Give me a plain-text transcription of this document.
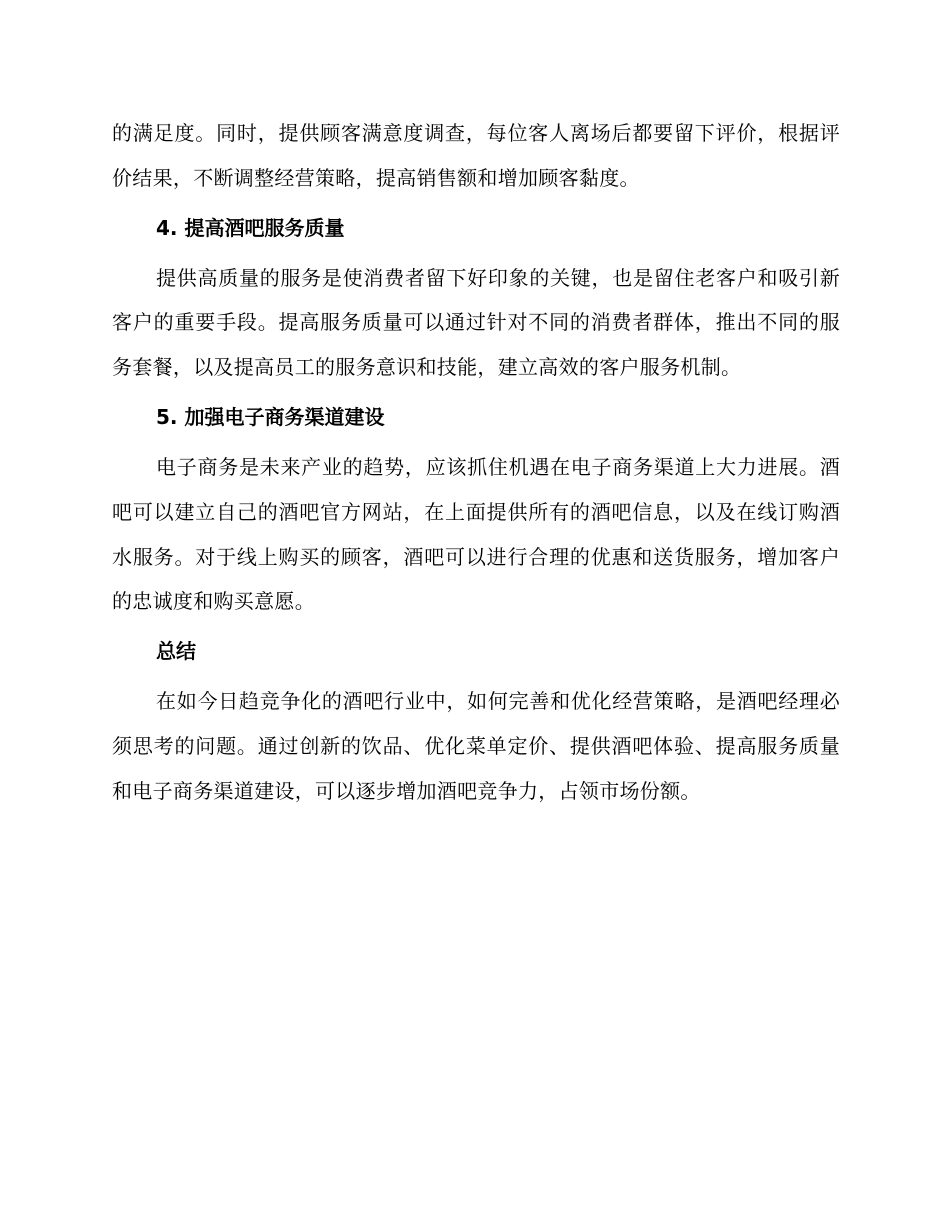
的满足度。同时，提供顾客满意度调查，每位客人离场后都要留下评价，根据评价结果，不断调整经营策略，提高销售额和增加顾客黏度。

4. 提高酒吧服务质量

提供高质量的服务是使消费者留下好印象的关键，也是留住老客户和吸引新客户的重要手段。提高服务质量可以通过针对不同的消费者群体，推出不同的服务套餐，以及提高员工的服务意识和技能，建立高效的客户服务机制。

5. 加强电子商务渠道建设

电子商务是未来产业的趋势，应该抓住机遇在电子商务渠道上大力进展。酒吧可以建立自己的酒吧官方网站，在上面提供所有的酒吧信息，以及在线订购酒水服务。对于线上购买的顾客，酒吧可以进行合理的优惠和送货服务，增加客户的忠诚度和购买意愿。

总结

在如今日趋竞争化的酒吧行业中，如何完善和优化经营策略，是酒吧经理必须思考的问题。通过创新的饮品、优化菜单定价、提供酒吧体验、提高服务质量和电子商务渠道建设，可以逐步增加酒吧竞争力，占领市场份额。
